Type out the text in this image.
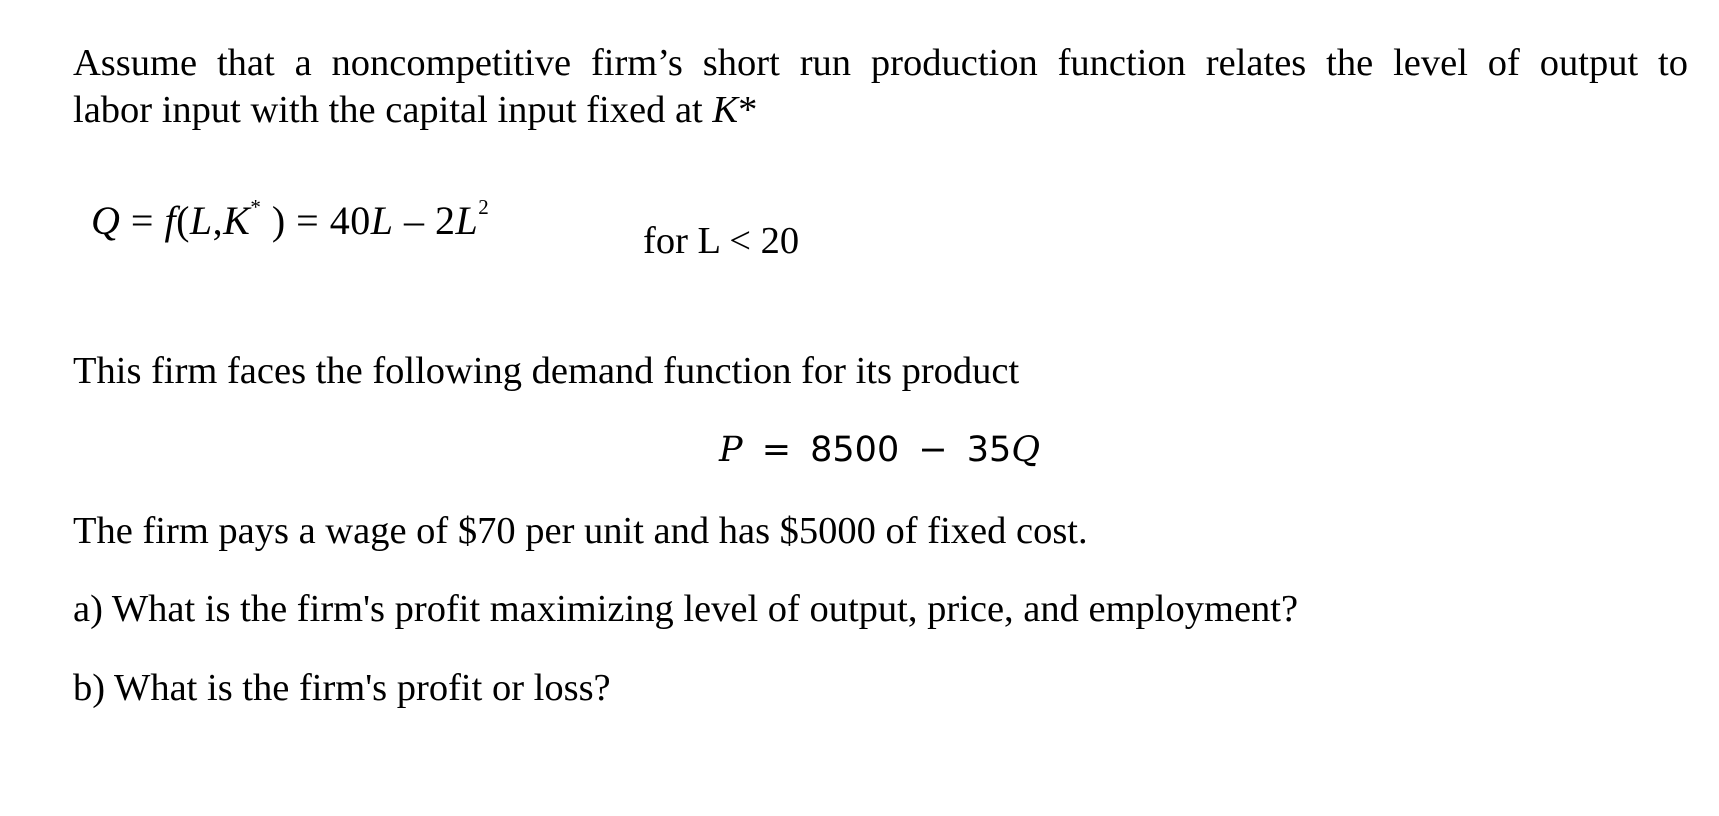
Assume that a noncompetitive firm’s short run production function relates the level of output to
labor input with the capital input fixed at K*
Q = f(L,K* ) = $40L - 2L^2$
for L < 20
This firm faces the following demand function for its product
P = 8500 − 35Q
The firm pays a wage of $70 per unit and has $5000 of fixed cost.
a) What is the firm's profit maximizing level of output, price, and employment?
b) What is the firm's profit or loss?
